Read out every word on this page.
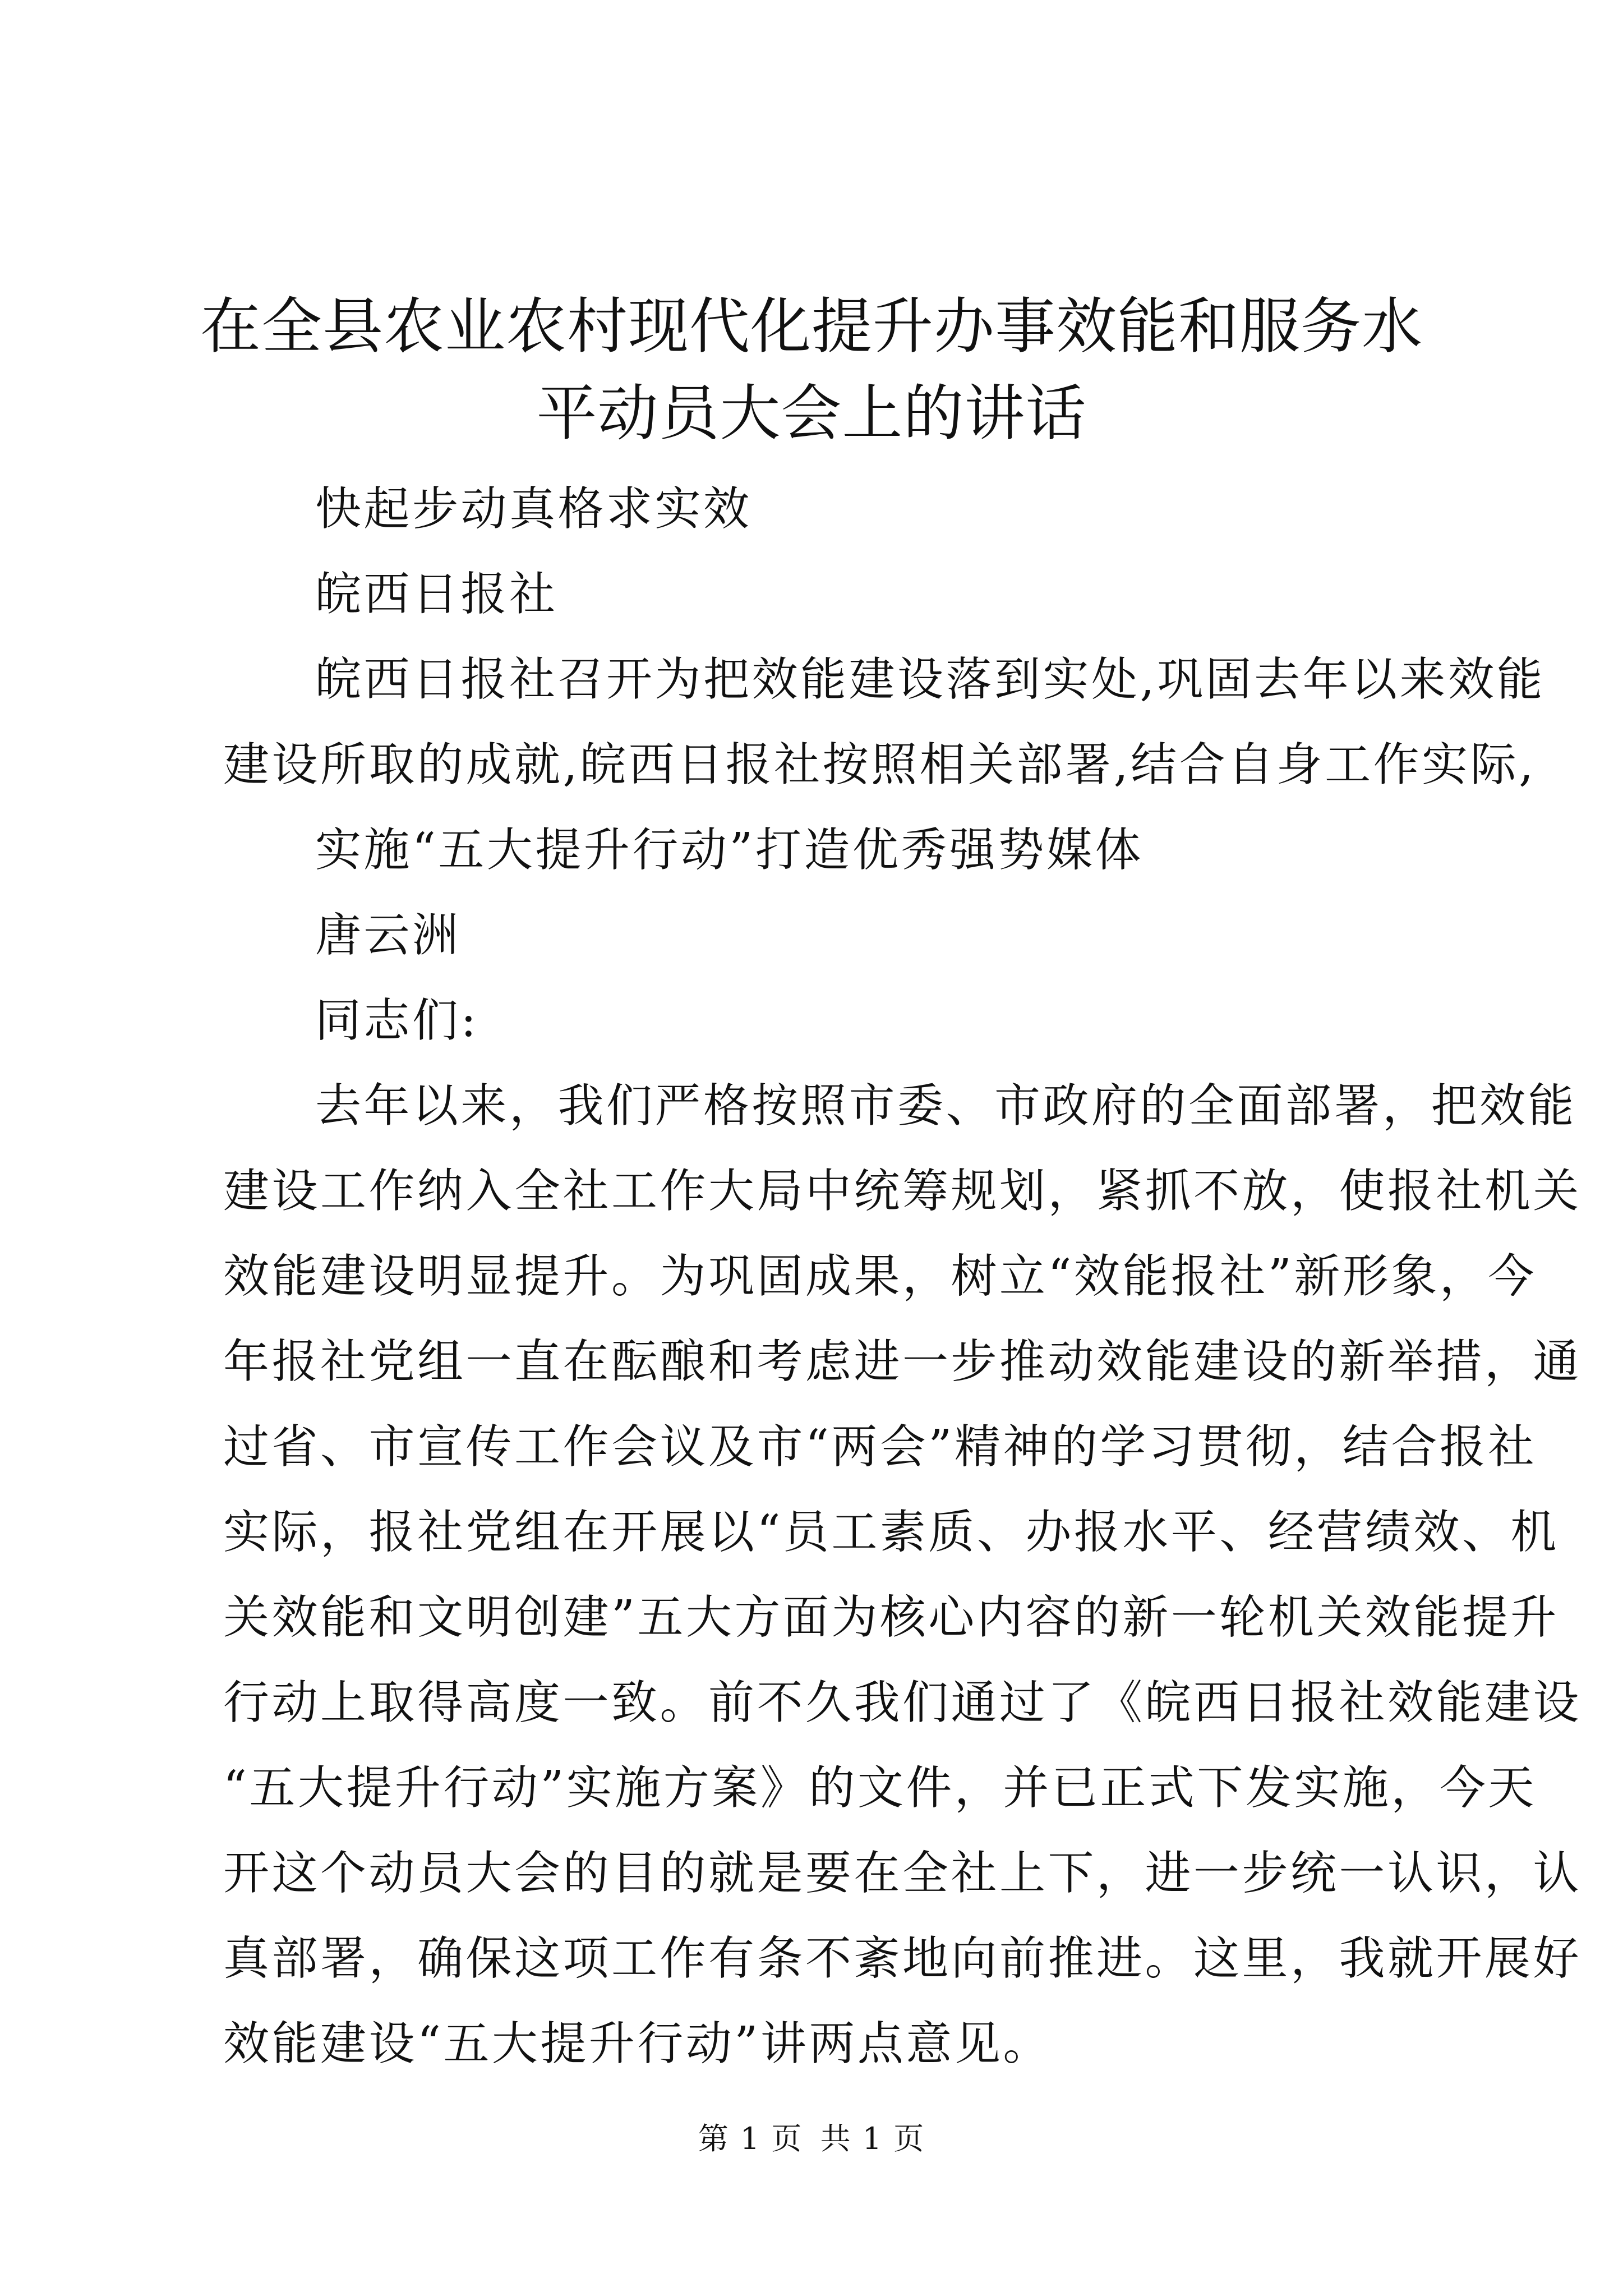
在全县农业农村现代化提升办事效能和服务水
平动员大会上的讲话

快起步动真格求实效

皖西日报社

皖西日报社召开为把效能建设落到实处,巩固去年以来效能
建设所取的成就,皖西日报社按照相关部署,结合自身工作实际,

实施“五大提升行动”打造优秀强势媒体

唐云洲

同志们:

去年以来，我们严格按照市委、市政府的全面部署，把效能
建设工作纳入全社工作大局中统筹规划，紧抓不放，使报社机关
效能建设明显提升。为巩固成果，树立“效能报社”新形象，今
年报社党组一直在酝酿和考虑进一步推动效能建设的新举措，通
过省、市宣传工作会议及市“两会”精神的学习贯彻，结合报社
实际，报社党组在开展以“员工素质、办报水平、经营绩效、机
关效能和文明创建”五大方面为核心内容的新一轮机关效能提升
行动上取得高度一致。前不久我们通过了《皖西日报社效能建设
“五大提升行动”实施方案》的文件，并已正式下发实施，今天
开这个动员大会的目的就是要在全社上下，进一步统一认识，认
真部署，确保这项工作有条不紊地向前推进。这里，我就开展好
效能建设“五大提升行动”讲两点意见。

第 1 页 共 1 页
